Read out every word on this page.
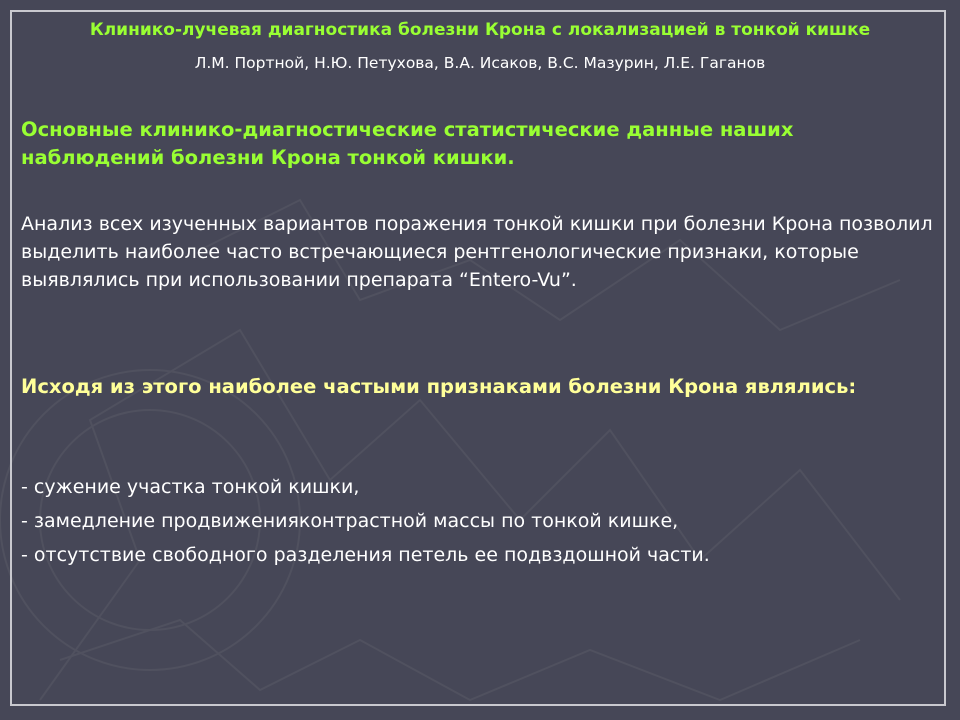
Клинико-лучевая диагностика болезни Крона с локализацией в тонкой кишке
Л.М. Портной, Н.Ю. Петухова, В.А. Исаков, В.С. Мазурин, Л.Е. Гаганов
Основные клинико-диагностические статистические данные наших наблюдений болезни Крона тонкой кишки.
Анализ всех изученных вариантов поражения тонкой кишки при болезни Крона позволил выделить наиболее часто встречающиеся рентгенологические признаки, которые выявлялись при использовании препарата “Entero-Vu”.
Исходя из этого наиболее частыми признаками болезни Крона являлись:
- сужение участка тонкой кишки,
- замедление продвиженияконтрастной массы по тонкой кишке,
- отсутствие свободного разделения петель ее подвздошной части.
